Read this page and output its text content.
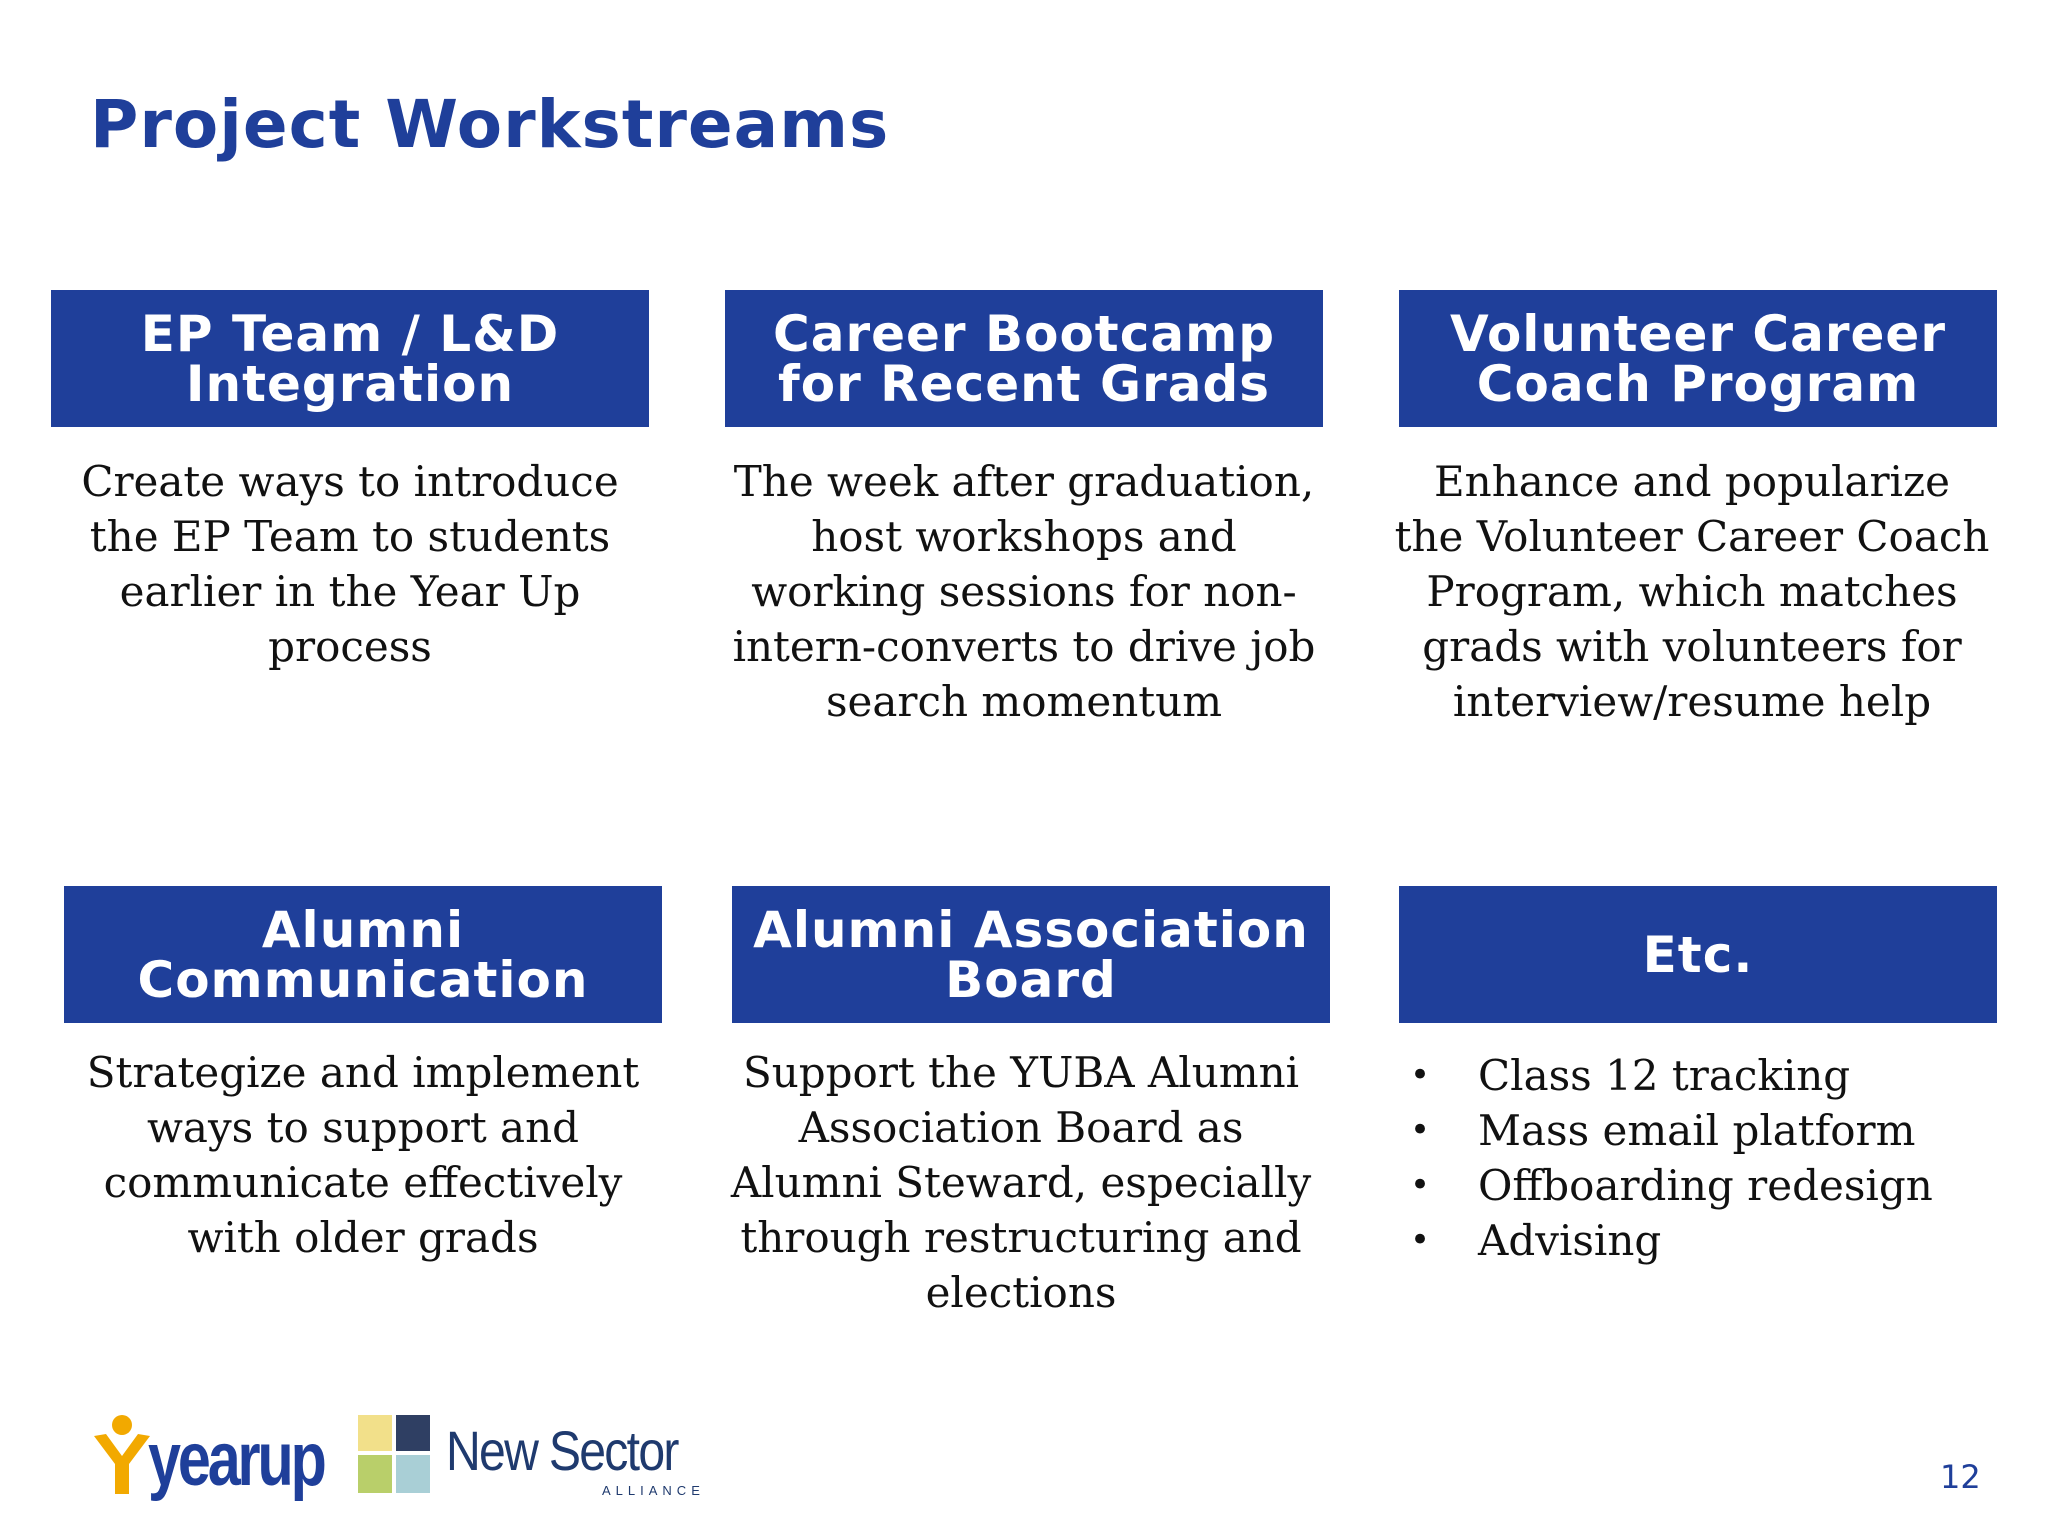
Project Workstreams
EP Team / L&D
Integration
Create ways to introduce
the EP Team to students
earlier in the Year Up
process
Career Bootcamp
for Recent Grads
The week after graduation,
host workshops and
working sessions for non-
intern-converts to drive job
search momentum
Volunteer Career
Coach Program
Enhance and popularize
the Volunteer Career Coach
Program, which matches
grads with volunteers for
interview/resume help
Alumni
Communication
Strategize and implement
ways to support and
communicate effectively
with older grads
Alumni Association
Board
Support the YUBA Alumni
Association Board as
Alumni Steward, especially
through restructuring and
elections
Etc.
• Class 12 tracking
• Mass email platform
• Offboarding redesign
• Advising
yearup New Sector
ALLIANCE	12
